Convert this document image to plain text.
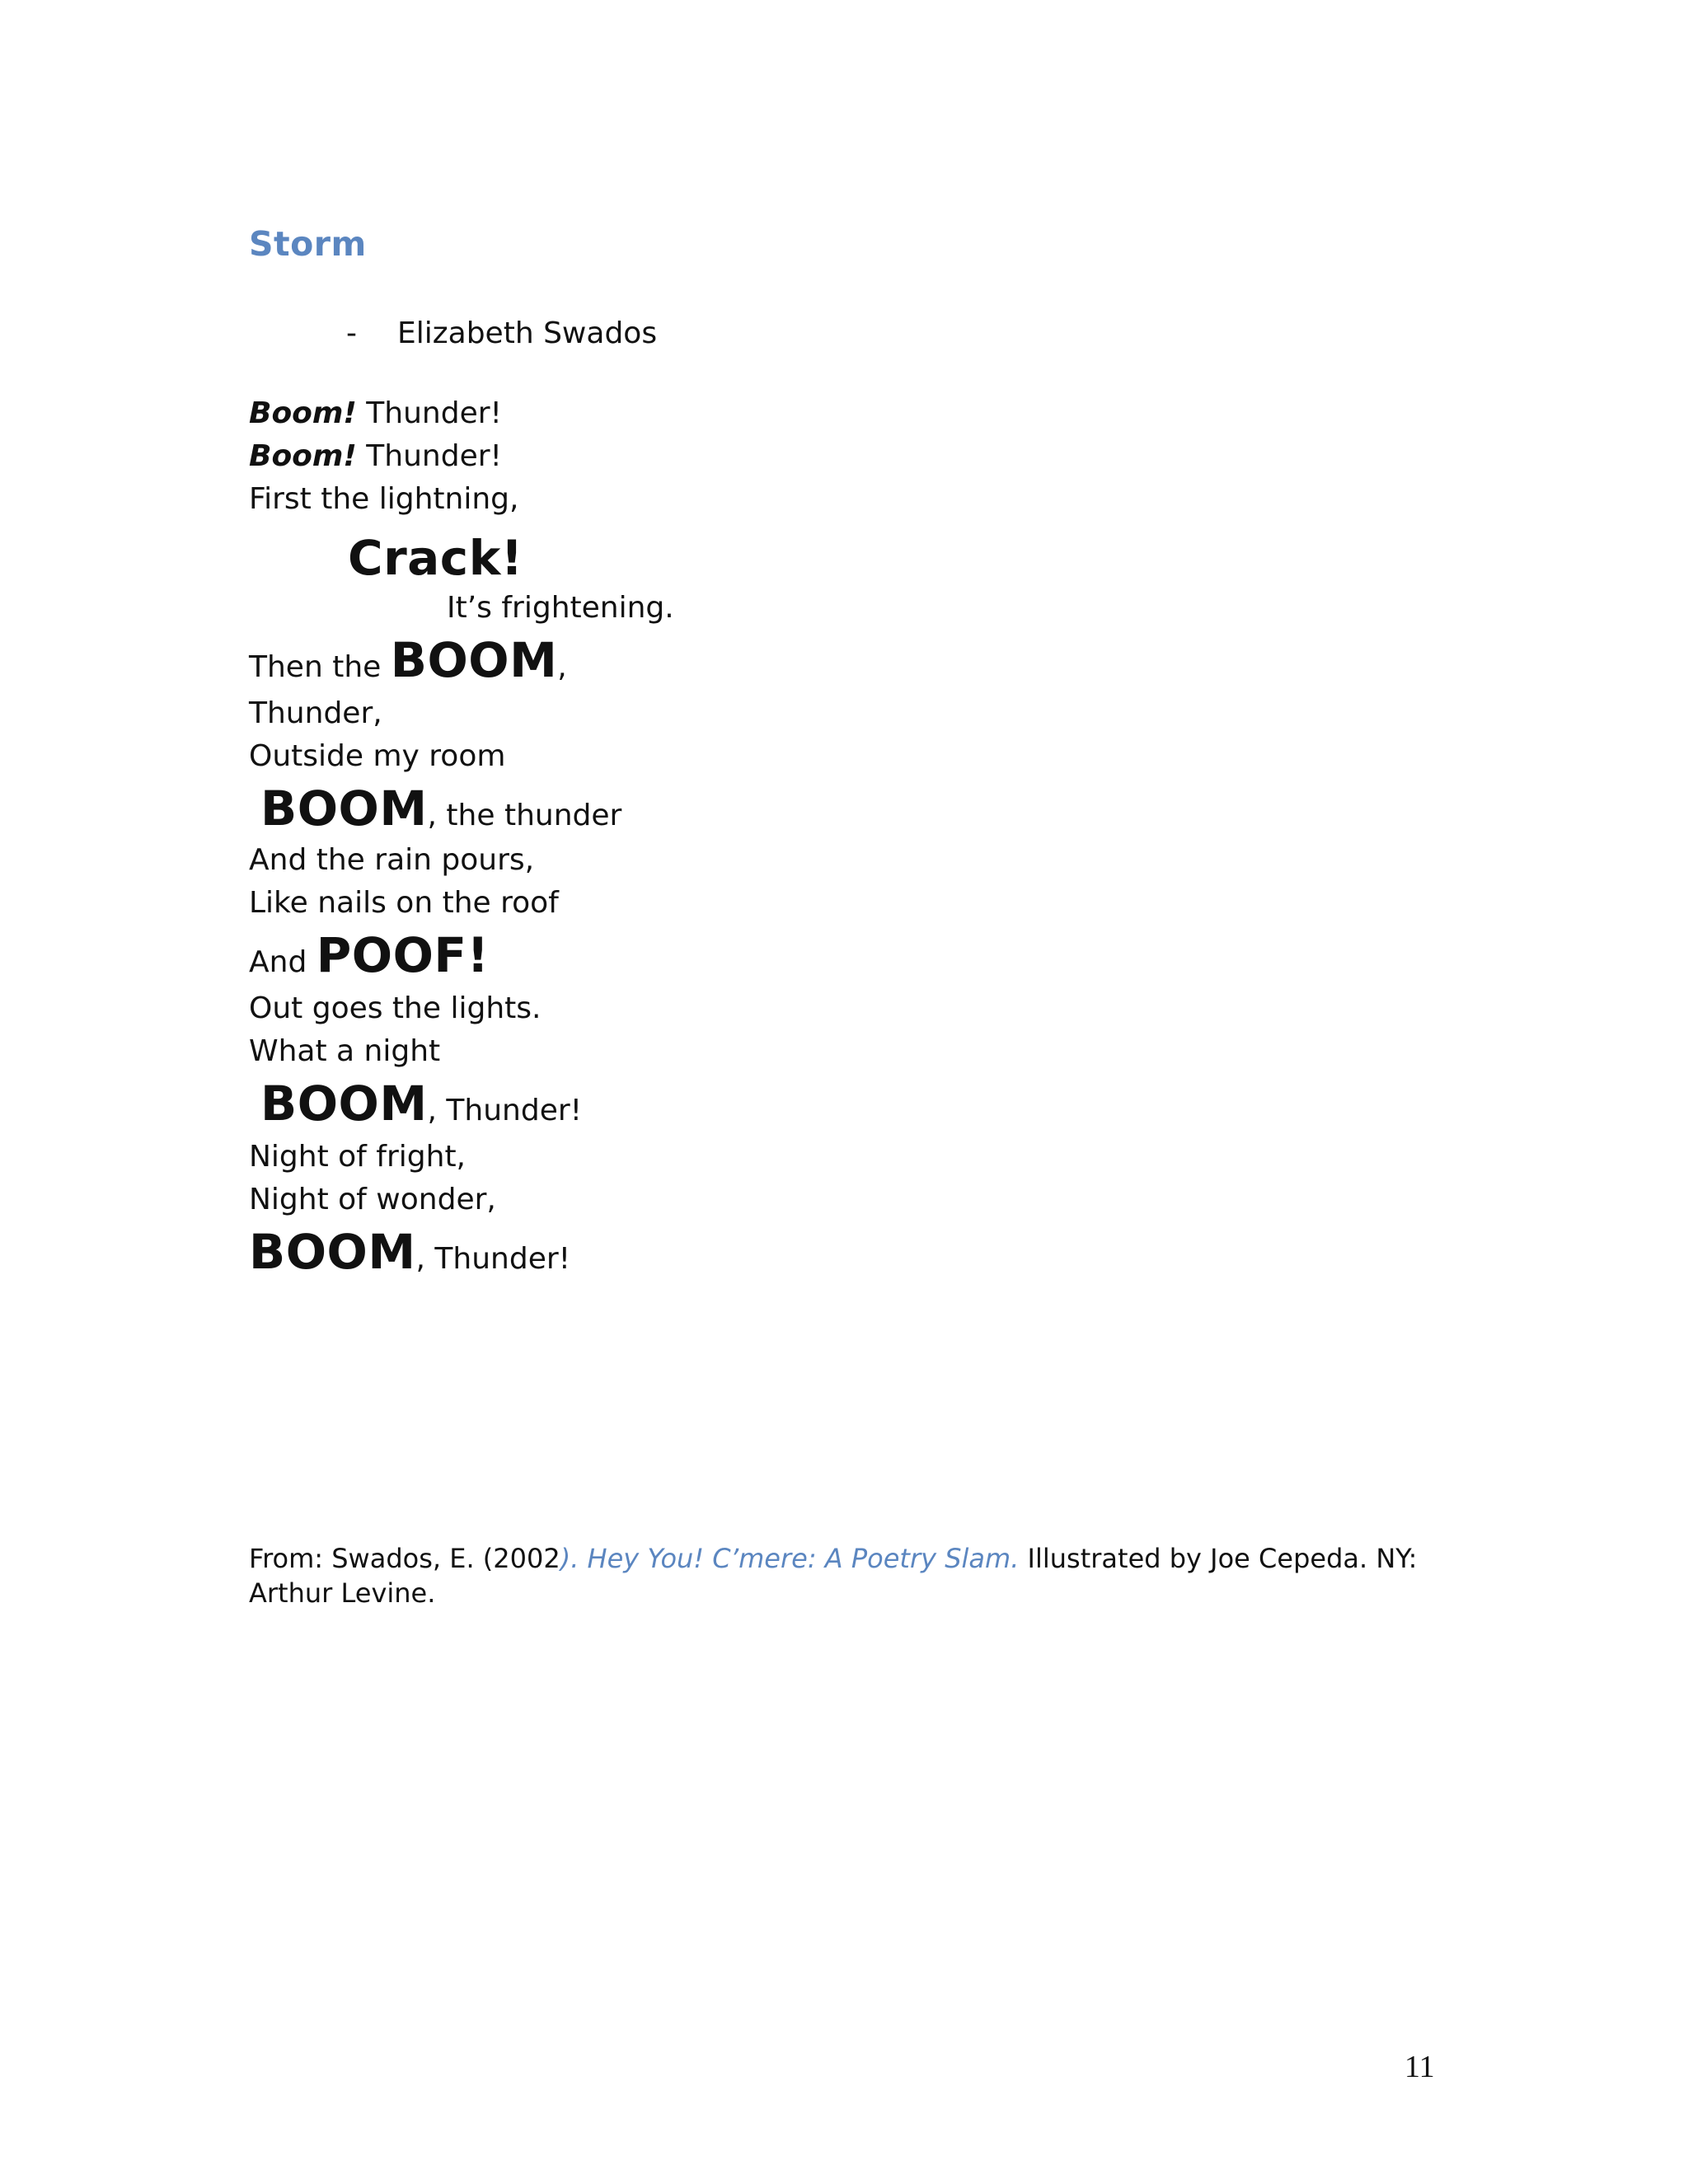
Storm
- Elizabeth Swados
Boom! Thunder!
Boom! Thunder!
First the lightning,
Crack!
It’s frightening.
Then the BOOM,
Thunder,
Outside my room
BOOM, the thunder
And the rain pours,
Like nails on the roof
And POOF!
Out goes the lights.
What a night
BOOM, Thunder!
Night of fright,
Night of wonder,
BOOM, Thunder!
From: Swados, E. (2002). Hey You! C’mere: A Poetry Slam. Illustrated by Joe Cepeda. NY: Arthur Levine.
11
